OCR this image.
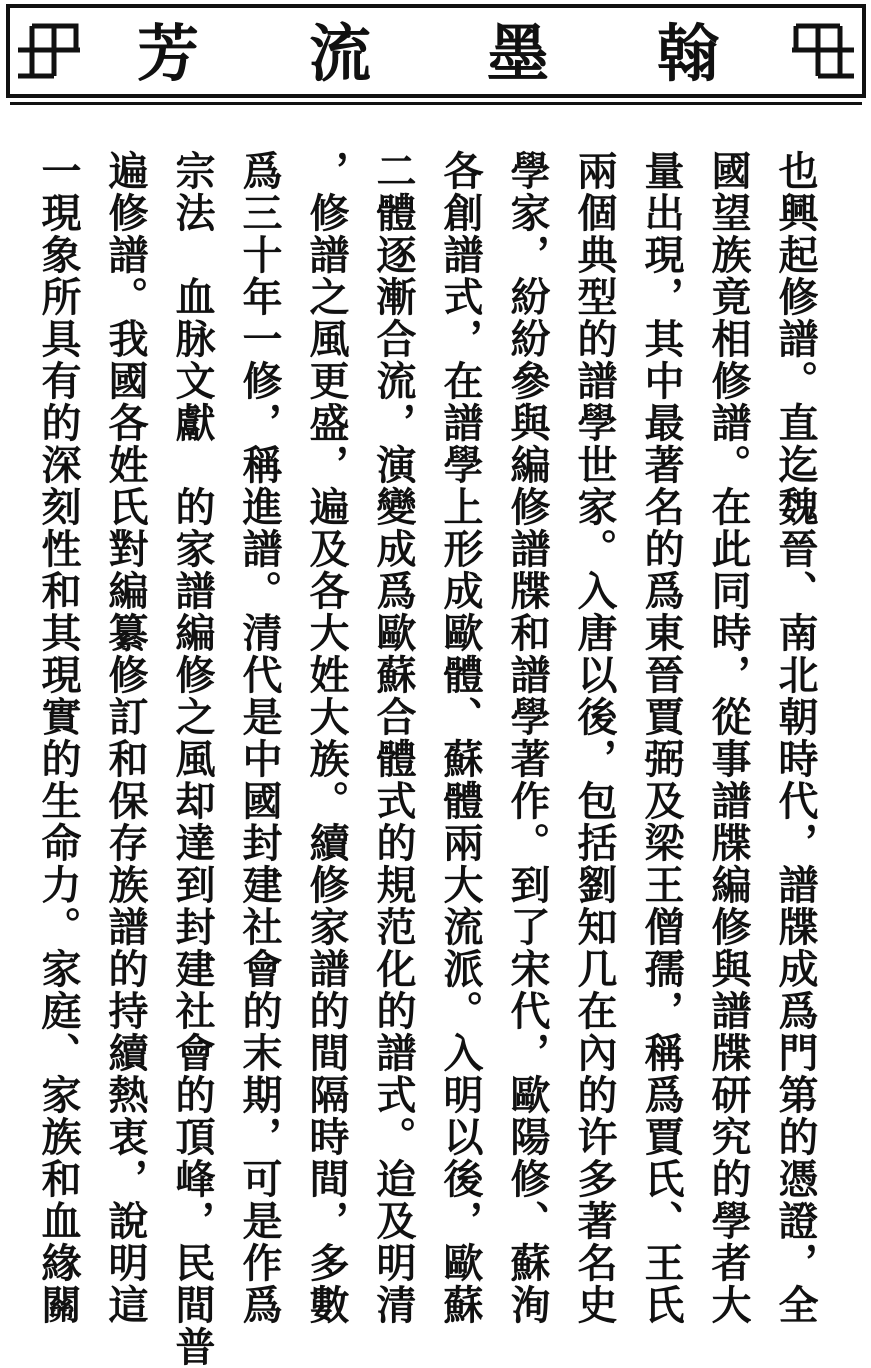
翰
墨
流
芳
也興起修譜。直迄魏晉、南北朝時代，譜牒成爲門第的憑證，全
國望族竟相修譜。在此同時，從事譜牒編修與譜牒研究的學者大
量出現，其中最著名的爲東晉賈弼及梁王僧孺，稱爲賈氏、王氏
兩個典型的譜學世家。入唐以後，包括劉知几在內的许多著名史
學家，紛紛參與編修譜牒和譜學著作。到了宋代，歐陽修、蘇洵
各創譜式，在譜學上形成歐體、蘇體兩大流派。入明以後，歐蘇
二體逐漸合流，演變成爲歐蘇合體式的規范化的譜式。迨及明清
，修譜之風更盛，遍及各大姓大族。續修家譜的間隔時間，多數
爲三十年一修，稱進譜。清代是中國封建社會的末期，可是作爲
宗法　血脉文獻　的家譜編修之風却達到封建社會的頂峰，民間普
遍修譜。我國各姓氏對編纂修訂和保存族譜的持續熱衷，說明這
一現象所具有的深刻性和其現實的生命力。家庭、家族和血緣關
